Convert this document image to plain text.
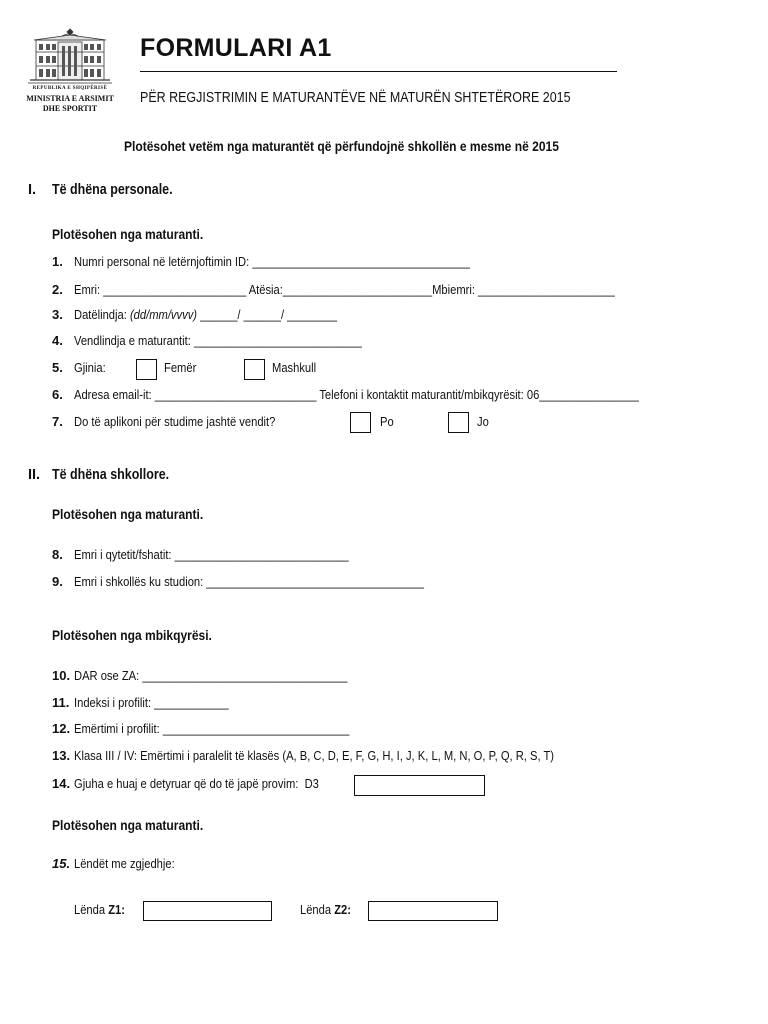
REPUBLIKA E SHQIPËRISË
MINISTRIA E ARSIMIT
DHE SPORTIT
FORMULARI A1
PËR REGJISTRIMIN E MATURANTËVE NË MATURËN SHTETËRORE 2015
Plotësohet vetëm nga maturantët që përfundojnë shkollën e mesme në 2015
I. Të dhëna personale.
Plotësohen nga maturanti.
1. Numri personal në letërnjoftimin ID: ___________________________________
2. Emri: _______________________ Atësia:________________________Mbiemri: ______________________
3. Datëlindja: (dd/mm/vvvv) ______/ ______/ ________
4. Vendlindja e maturantit: ___________________________
5. Gjinia:	Femër	Mashkull
6. Adresa email-it: __________________________ Telefoni i kontaktit maturantit/mbikqyrësit: 06________________
7. Do të aplikoni për studime jashtë vendit?	Po	Jo
II. Të dhëna shkollore.
Plotësohen nga maturanti.
8. Emri i qytetit/fshatit: ____________________________
9. Emri i shkollës ku studion: ___________________________________
Plotësohen nga mbikqyrësi.
10. DAR ose ZA: _________________________________
11. Indeksi i profilit: ____________
12. Emërtimi i profilit: ______________________________
13. Klasa III / IV: Emërtimi i paralelit të klasës (A, B, C, D, E, F, G, H, I, J, K, L, M, N, O, P, Q, R, S, T)
14. Gjuha e huaj e detyruar që do të japë provim: D3
Plotësohen nga maturanti.
15. Lëndët me zgjedhje:
Lënda Z1:	Lënda Z2:
